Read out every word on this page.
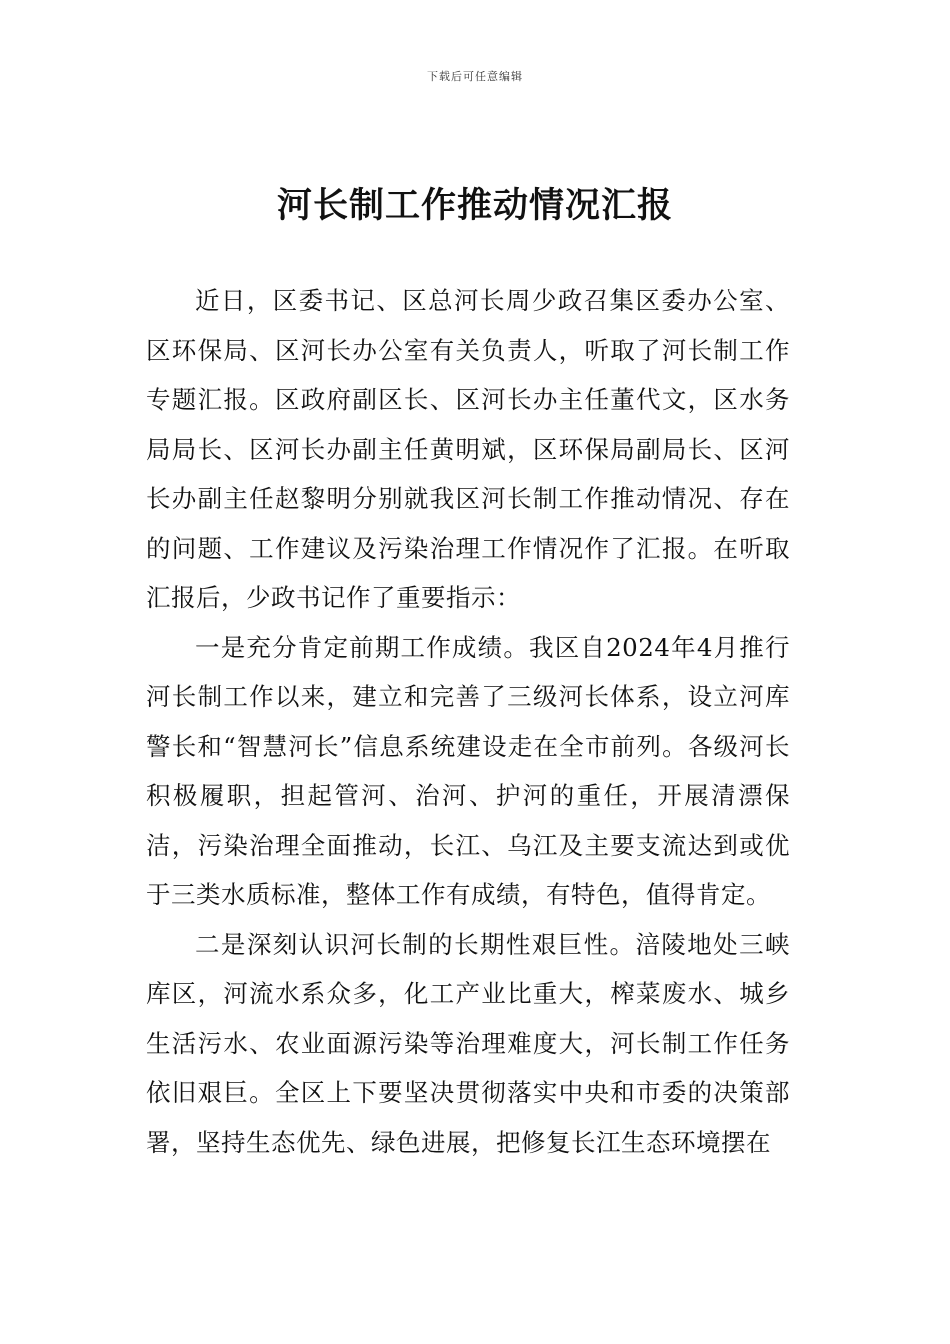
下载后可任意编辑
河长制工作推动情况汇报

近日，区委书记、区总河长周少政召集区委办公室、区环保局、区河长办公室有关负责人，听取了河长制工作专题汇报。区政府副区长、区河长办主任董代文，区水务局局长、区河长办副主任黄明斌，区环保局副局长、区河长办副主任赵黎明分别就我区河长制工作推动情况、存在的问题、工作建议及污染治理工作情况作了汇报。在听取汇报后，少政书记作了重要指示：

一是充分肯定前期工作成绩。我区自2024年4月推行河长制工作以来，建立和完善了三级河长体系，设立河库警长和“智慧河长”信息系统建设走在全市前列。各级河长积极履职，担起管河、治河、护河的重任，开展清漂保洁，污染治理全面推动，长江、乌江及主要支流达到或优于三类水质标准，整体工作有成绩，有特色，值得肯定。

二是深刻认识河长制的长期性艰巨性。涪陵地处三峡库区，河流水系众多，化工产业比重大，榨菜废水、城乡生活污水、农业面源污染等治理难度大，河长制工作任务依旧艰巨。全区上下要坚决贯彻落实中央和市委的决策部署，坚持生态优先、绿色进展，把修复长江生态环境摆在
